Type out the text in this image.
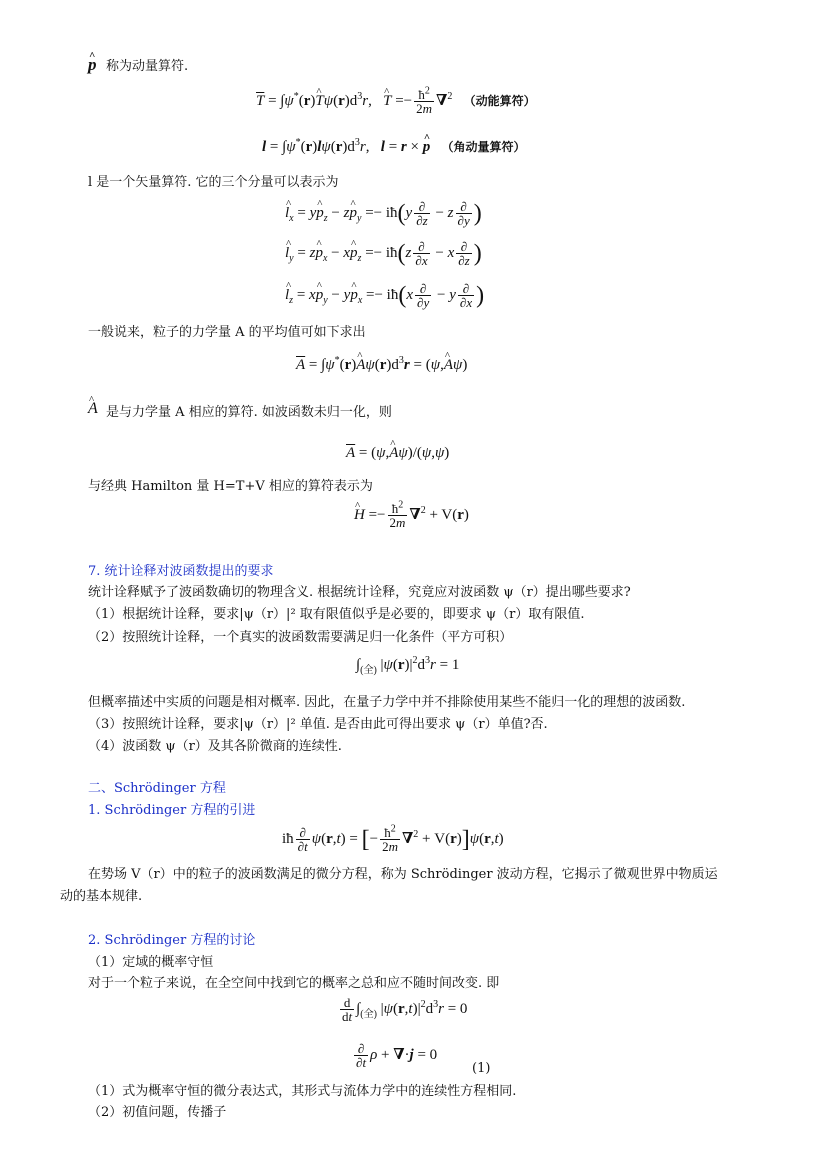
p ^ 称为动量算符.
$\overline{T} = \int\psi^*(r)T$ $\^{}\psi(r)d^3r$,   T ^ =− $\frac{ħ^2}{2m} \nabla^2$ （动能算符）
$l = \int\psi^*(r)l\psi(r)d^3r$,   l = r × p ^ （角动量算符）
l 是一个矢量算符. 它的三个分量可以表示为
l $\^{}_x$ = yp $\^{}_z$ − zp $\^{}_y$ =− iħ(y $\frac{\partial}{\partial z} - z \frac{\partial}{\partial y}$ )
l $\^{}_y$ = zp $\^{}_x$ − xp $\^{}_z$ =− iħ(z $\frac{\partial}{\partial x} - x \frac{\partial}{\partial z}$ )
l $\^{}_z$ = xp $\^{}_y$ − yp $\^{}_x$ =− iħ(x $\frac{\partial}{\partial y} - y \frac{\partial}{\partial x}$ )
一般说来，粒子的力学量 A 的平均值可如下求出
$\overline{A} = \int\psi^*(r)A$ $\^{}\psi(r)d^3r = (\psi,A$ ^ψ)
A ^ 是与力学量 A 相应的算符. 如波函数未归一化，则
$\overline{A} = (\psi,A$ ^ψ)/(ψ,ψ)
与经典 Hamilton 量 H=T+V 相应的算符表示为
H ^ =− $\frac{ħ^2}{2m} \nabla^2 + V(r)$
7. 统计诠释对波函数提出的要求
统计诠释赋予了波函数确切的物理含义. 根据统计诠释，究竟应对波函数 ψ（r）提出哪些要求?
（1）根据统计诠释，要求|ψ（r）|² 取有限值似乎是必要的，即要求 ψ（r）取有限值.
（2）按照统计诠释，一个真实的波函数需要满足归一化条件（平方可积）
$\int_{(全)}$ $|\psi(r)|^2d^3r = 1$
但概率描述中实质的问题是相对概率. 因此，在量子力学中并不排除使用某些不能归一化的理想的波函数.
（3）按照统计诠释，要求|ψ（r）|² 单值. 是否由此可得出要求 ψ（r）单值?否.
（4）波函数 ψ（r）及其各阶微商的连续性.
二、Schrödinger 方程
1. Schrödinger 方程的引进
iħ $\frac{\partial}{\partial t} \psi(r,t)$ = [− $\frac{ħ^2}{2m} \nabla^2 + V(r)]\psi(r,t)$
在势场 V（r）中的粒子的波函数满足的微分方程，称为 Schrödinger 波动方程，它揭示了微观世界中物质运
动的基本规律.
2. Schrödinger 方程的讨论
（1）定域的概率守恒
对于一个粒子来说，在全空间中找到它的概率之总和应不随时间改变. 即
$\frac{d}{dt} \int_{(全)}$ $|\psi(r,t)|^2d^3r = 0$
$\frac{\partial}{\partial t}$ ρ + ∇·j = 0
(1)
（1）式为概率守恒的微分表达式，其形式与流体力学中的连续性方程相同.
（2）初值问题，传播子
